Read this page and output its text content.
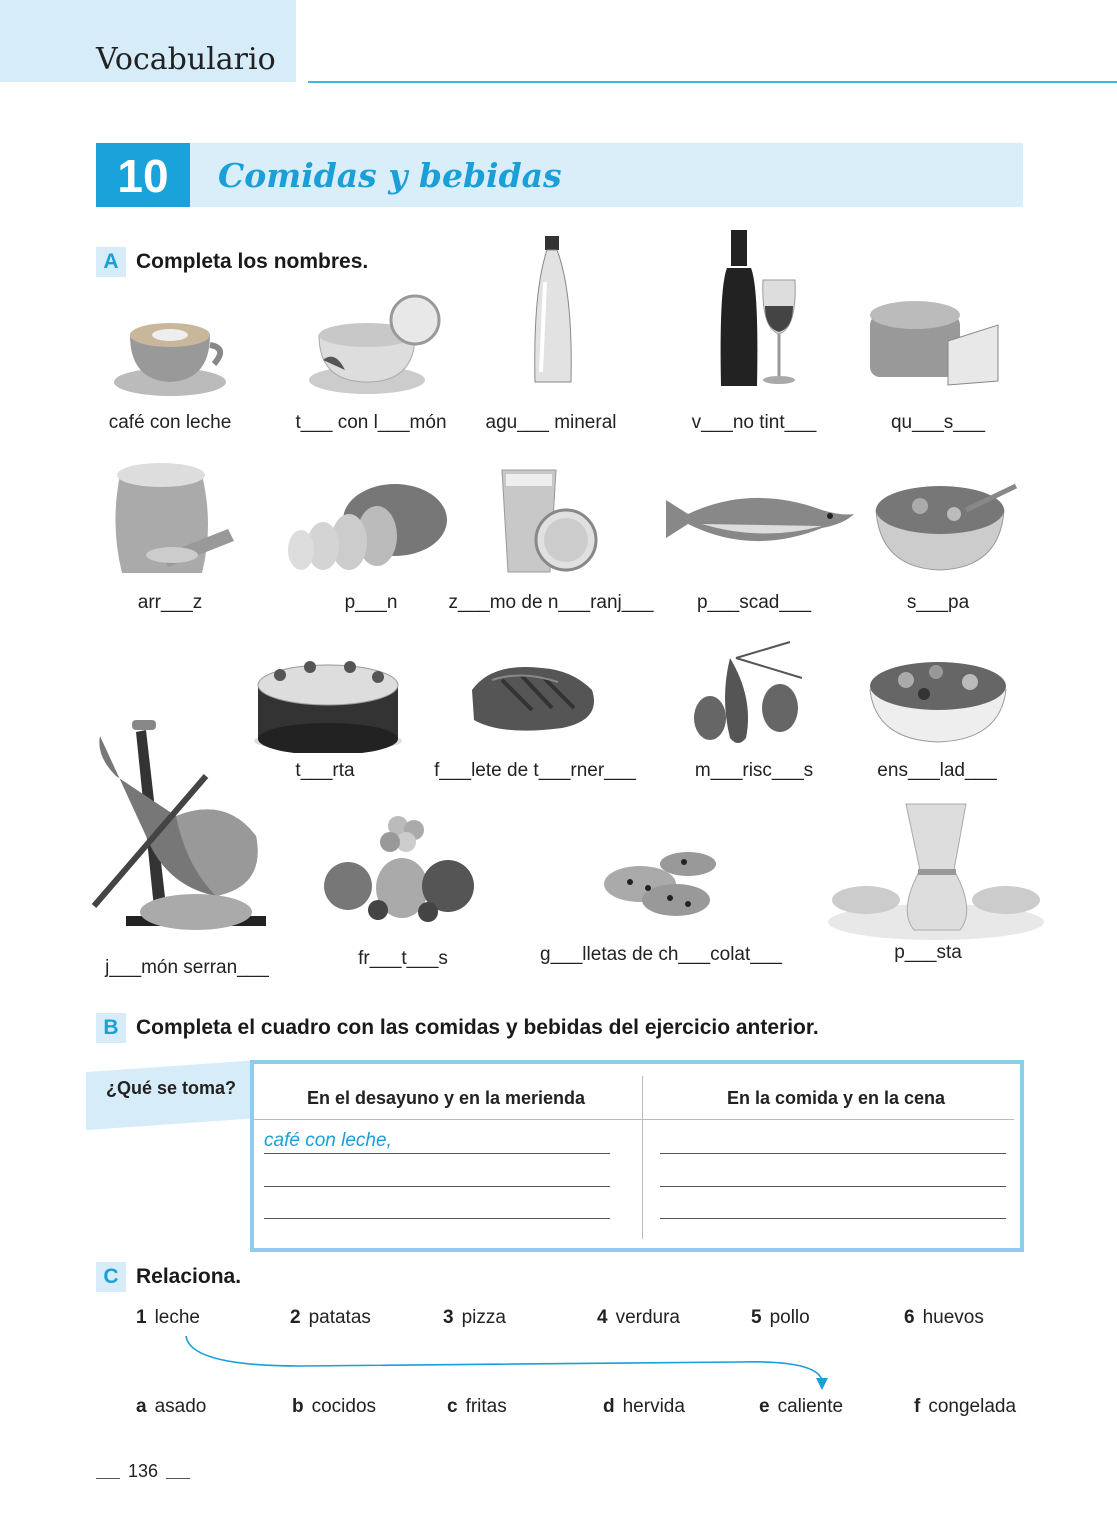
Vocabulario
10	Comidas y bebidas
A Completa los nombres.
café con leche	t___ con l___món agu___ mineral	v___no tint___	qu___s___
arr___z	p___n	z___mo de n___ranj___ p___scad___	s___pa
t___rta	f___lete de t___rner___	m___risc___s	ens___lad___
j___món serran___	fr___t___s	g___lletas de ch___colat___	p___sta
B Completa el cuadro con las comidas y bebidas del ejercicio anterior.
¿Qué se toma?	En el desayuno y en la merienda	En la comida y en la cena
café con leche,
C Relaciona.
1 leche	2 patatas	3 pizza	4 verdura	5 pollo	6 huevos
a asado	b cocidos	c fritas	d hervida	e caliente	f congelada
136
